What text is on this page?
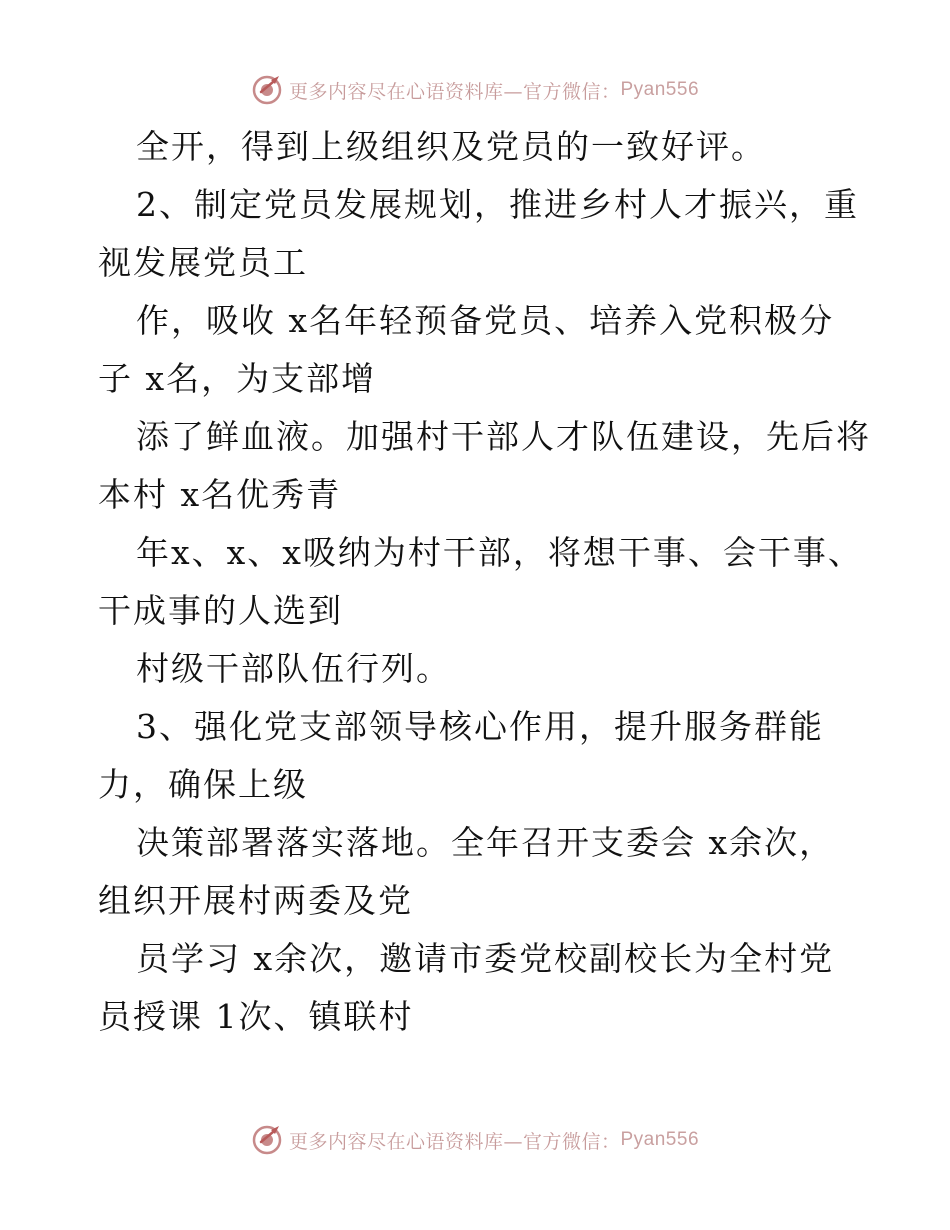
更多内容尽在心语资料库—官方微信： Pyan556
全开，得到上级组织及党员的一致好评。
2、制定党员发展规划，推进乡村人才振兴，重
视发展党员工
作，吸收 x名年轻预备党员、培养入党积极分
子 x名，为支部增
添了鲜血液。加强村干部人才队伍建设，先后将
本村 x名优秀青
年x、x、x吸纳为村干部，将想干事、会干事、
干成事的人选到
村级干部队伍行列。
3、强化党支部领导核心作用，提升服务群能
力，确保上级
决策部署落实落地。全年召开支委会 x余次，
组织开展村两委及党
员学习 x余次，邀请市委党校副校长为全村党
员授课 1次、镇联村
更多内容尽在心语资料库—官方微信： Pyan556
